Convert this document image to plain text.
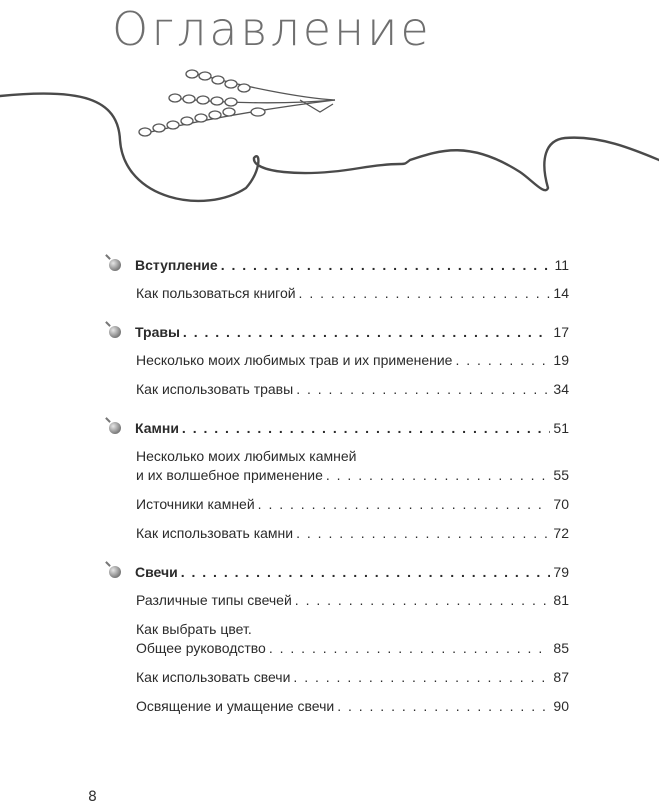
Оглавление
Вступление . . .	11
Как пользоваться книгой . . .	14
Травы . . .	17
Несколько моих любимых трав и их применение . . .	19
Как использовать травы . . .	34
Камни . . .	51
Несколько моих любимых камней
и их волшебное применение . . .	55
Источники камней . . .	70
Как использовать камни . . .	72
Свечи . . .	79
Различные типы свечей . . .	81
Как выбрать цвет.
Общее руководство . . .	85
Как использовать свечи . . .	87
Освящение и умащение свечи . . .	90
8
